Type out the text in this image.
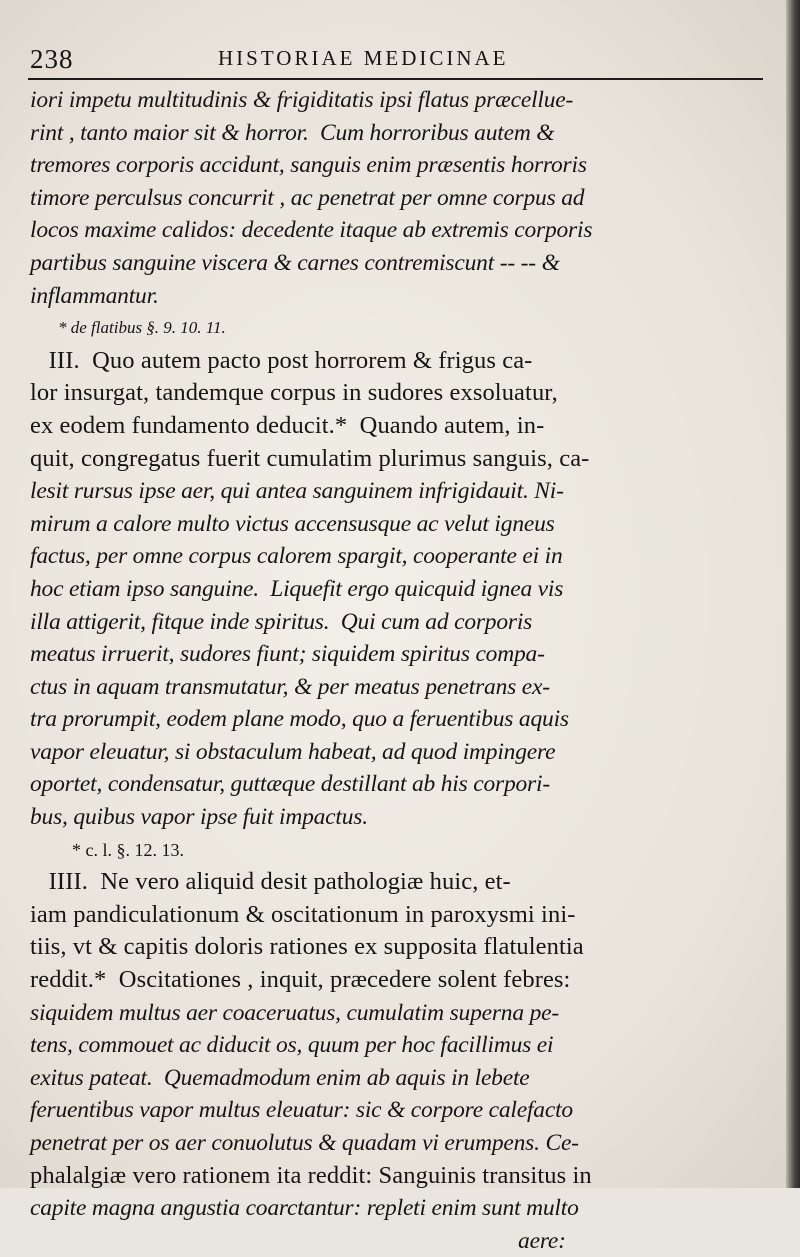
238	HISTORIAE MEDICINAE
iori impetu multitudinis & frigiditatis ipsi flatus præcellue-
rint , tanto maior sit & horror.  Cum horroribus autem &
tremores corporis accidunt, sanguis enim præsentis horroris
timore perculsus concurrit , ac penetrat per omne corpus ad
locos maxime calidos: decedente itaque ab extremis corporis
partibus sanguine viscera & carnes contremiscunt -- -- &
inflammantur.
* de flatibus §. 9. 10. 11.
III.  Quo autem pacto post horrorem & frigus ca-
lor insurgat, tandemque corpus in sudores exsoluatur,
ex eodem fundamento deducit.*  Quando autem, in-
quit, congregatus fuerit cumulatim plurimus sanguis, ca-
lesit rursus ipse aer, qui antea sanguinem infrigidauit. Ni-
mirum a calore multo victus accensusque ac velut igneus
factus, per omne corpus calorem spargit, cooperante ei in
hoc etiam ipso sanguine.  Liquefit ergo quicquid ignea vis
illa attigerit, fitque inde spiritus.  Qui cum ad corporis
meatus irruerit, sudores fiunt; siquidem spiritus compa-
ctus in aquam transmutatur, & per meatus penetrans ex-
tra prorumpit, eodem plane modo, quo a feruentibus aquis
vapor eleuatur, si obstaculum habeat, ad quod impingere
oportet, condensatur, guttæque destillant ab his corpori-
bus, quibus vapor ipse fuit impactus.
* c. l. §. 12. 13.
IIII.  Ne vero aliquid desit pathologiæ huic, et-
iam pandiculationum & oscitationum in paroxysmi ini-
tiis, vt & capitis doloris rationes ex supposita flatulentia
reddit.*  Oscitationes , inquit, præcedere solent febres:
siquidem multus aer coaceruatus, cumulatim superna pe-
tens, commouet ac diducit os, quum per hoc facillimus ei
exitus pateat.  Quemadmodum enim ab aquis in lebete
feruentibus vapor multus eleuatur: sic & corpore calefacto
penetrat per os aer conuolutus & quadam vi erumpens. Ce-
phalalgiæ vero rationem ita reddit: Sanguinis transitus in
capite magna angustia coarctantur: repleti enim sunt multo
aere:
